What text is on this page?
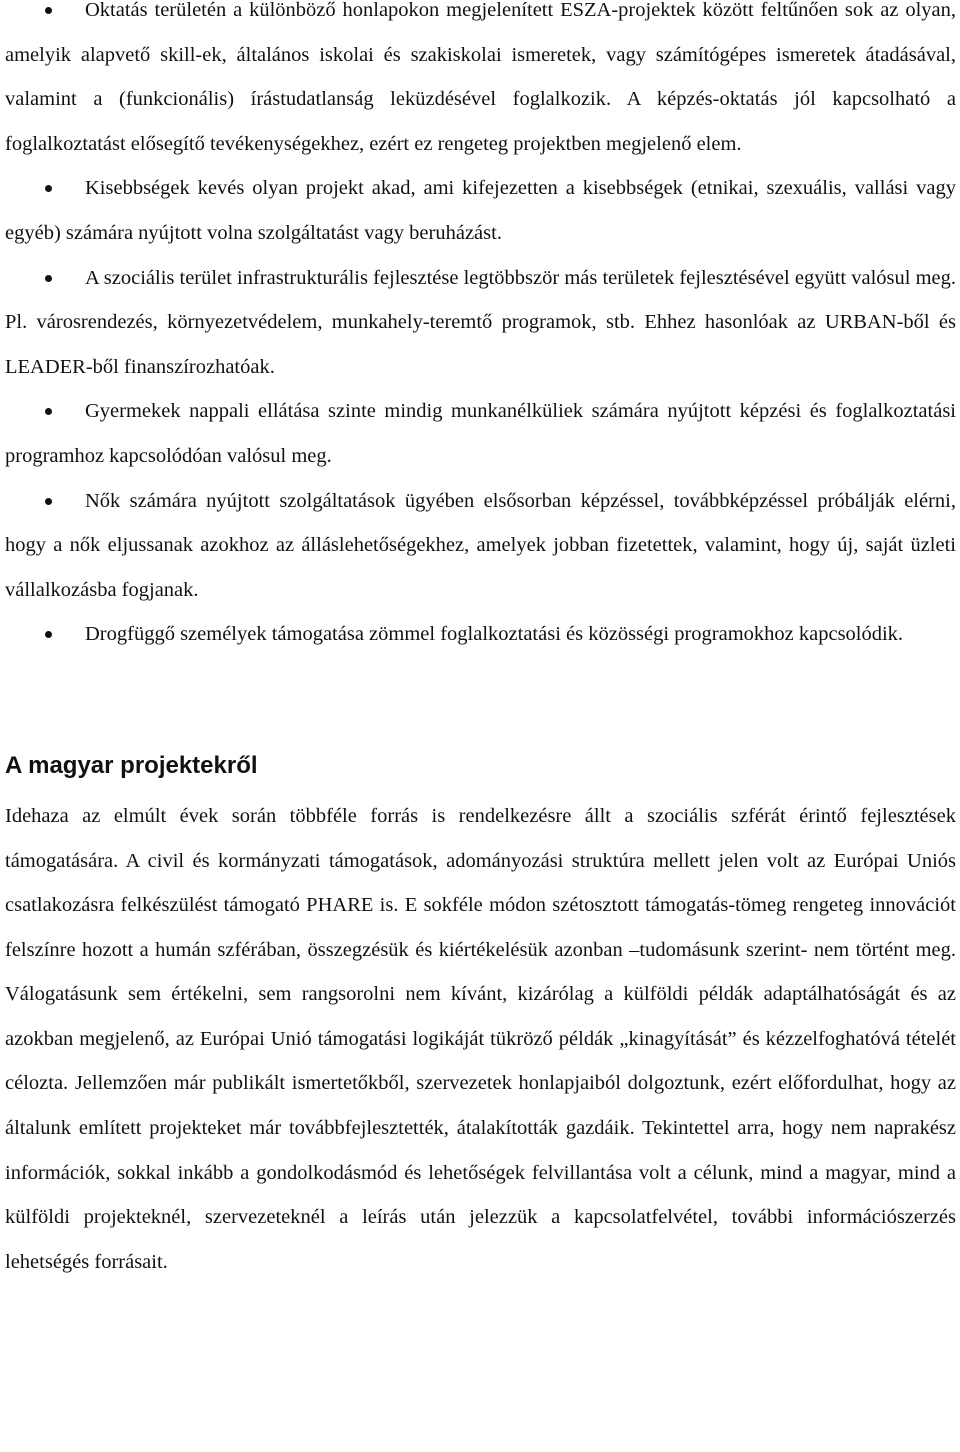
Oktatás területén a különböző honlapokon megjelenített ESZA-projektek között feltűnően sok az olyan, amelyik alapvető skill-ek, általános iskolai és szakiskolai ismeretek, vagy számítógépes ismeretek átadásával, valamint a (funkcionális) írástudatlanság leküzdésével foglalkozik. A képzés-oktatás jól kapcsolható a foglalkoztatást elősegítő tevékenységekhez, ezért ez rengeteg projektben megjelenő elem.
Kisebbségek kevés olyan projekt akad, ami kifejezetten a kisebbségek (etnikai, szexuális, vallási vagy egyéb) számára nyújtott volna szolgáltatást vagy beruházást.
A szociális terület infrastrukturális fejlesztése legtöbbször más területek fejlesztésével együtt valósul meg. Pl. városrendezés, környezetvédelem, munkahely-teremtő programok, stb. Ehhez hasonlóak az URBAN-ből és LEADER-ből finanszírozhatóak.
Gyermekek nappali ellátása szinte mindig munkanélküliek számára nyújtott képzési és foglalkoztatási programhoz kapcsolódóan valósul meg.
Nők számára nyújtott szolgáltatások ügyében elsősorban képzéssel, továbbképzéssel próbálják elérni, hogy a nők eljussanak azokhoz az álláslehetőségekhez, amelyek jobban fizetettek, valamint, hogy új, saját üzleti vállalkozásba fogjanak.
Drogfüggő személyek támogatása zömmel foglalkoztatási és közösségi programokhoz kapcsolódik.
A magyar projektekről

Idehaza az elmúlt évek során többféle forrás is rendelkezésre állt a szociális szférát érintő fejlesztések támogatására. A civil és kormányzati támogatások, adományozási struktúra mellett jelen volt az Európai Uniós csatlakozásra felkészülést támogató PHARE is. E sokféle módon szétosztott támogatás-tömeg rengeteg innovációt felszínre hozott a humán szférában, összegzésük és kiértékelésük azonban –tudomásunk szerint- nem történt meg. Válogatásunk sem értékelni, sem rangsorolni nem kívánt, kizárólag a külföldi példák adaptálhatóságát és az azokban megjelenő, az Európai Unió támogatási logikáját tükröző példák „kinagyítását” és kézzelfoghatóvá tételét célozta. Jellemzően már publikált ismertetőkből, szervezetek honlapjaiból dolgoztunk, ezért előfordulhat, hogy az általunk említett projekteket már továbbfejlesztették, átalakították gazdáik. Tekintettel arra, hogy nem naprakész információk, sokkal inkább a gondolkodásmód és lehetőségek felvillantása volt a célunk, mind a magyar, mind a külföldi projekteknél, szervezeteknél a leírás után jelezzük a kapcsolatfelvétel, további információszerzés lehetségés forrásait.
